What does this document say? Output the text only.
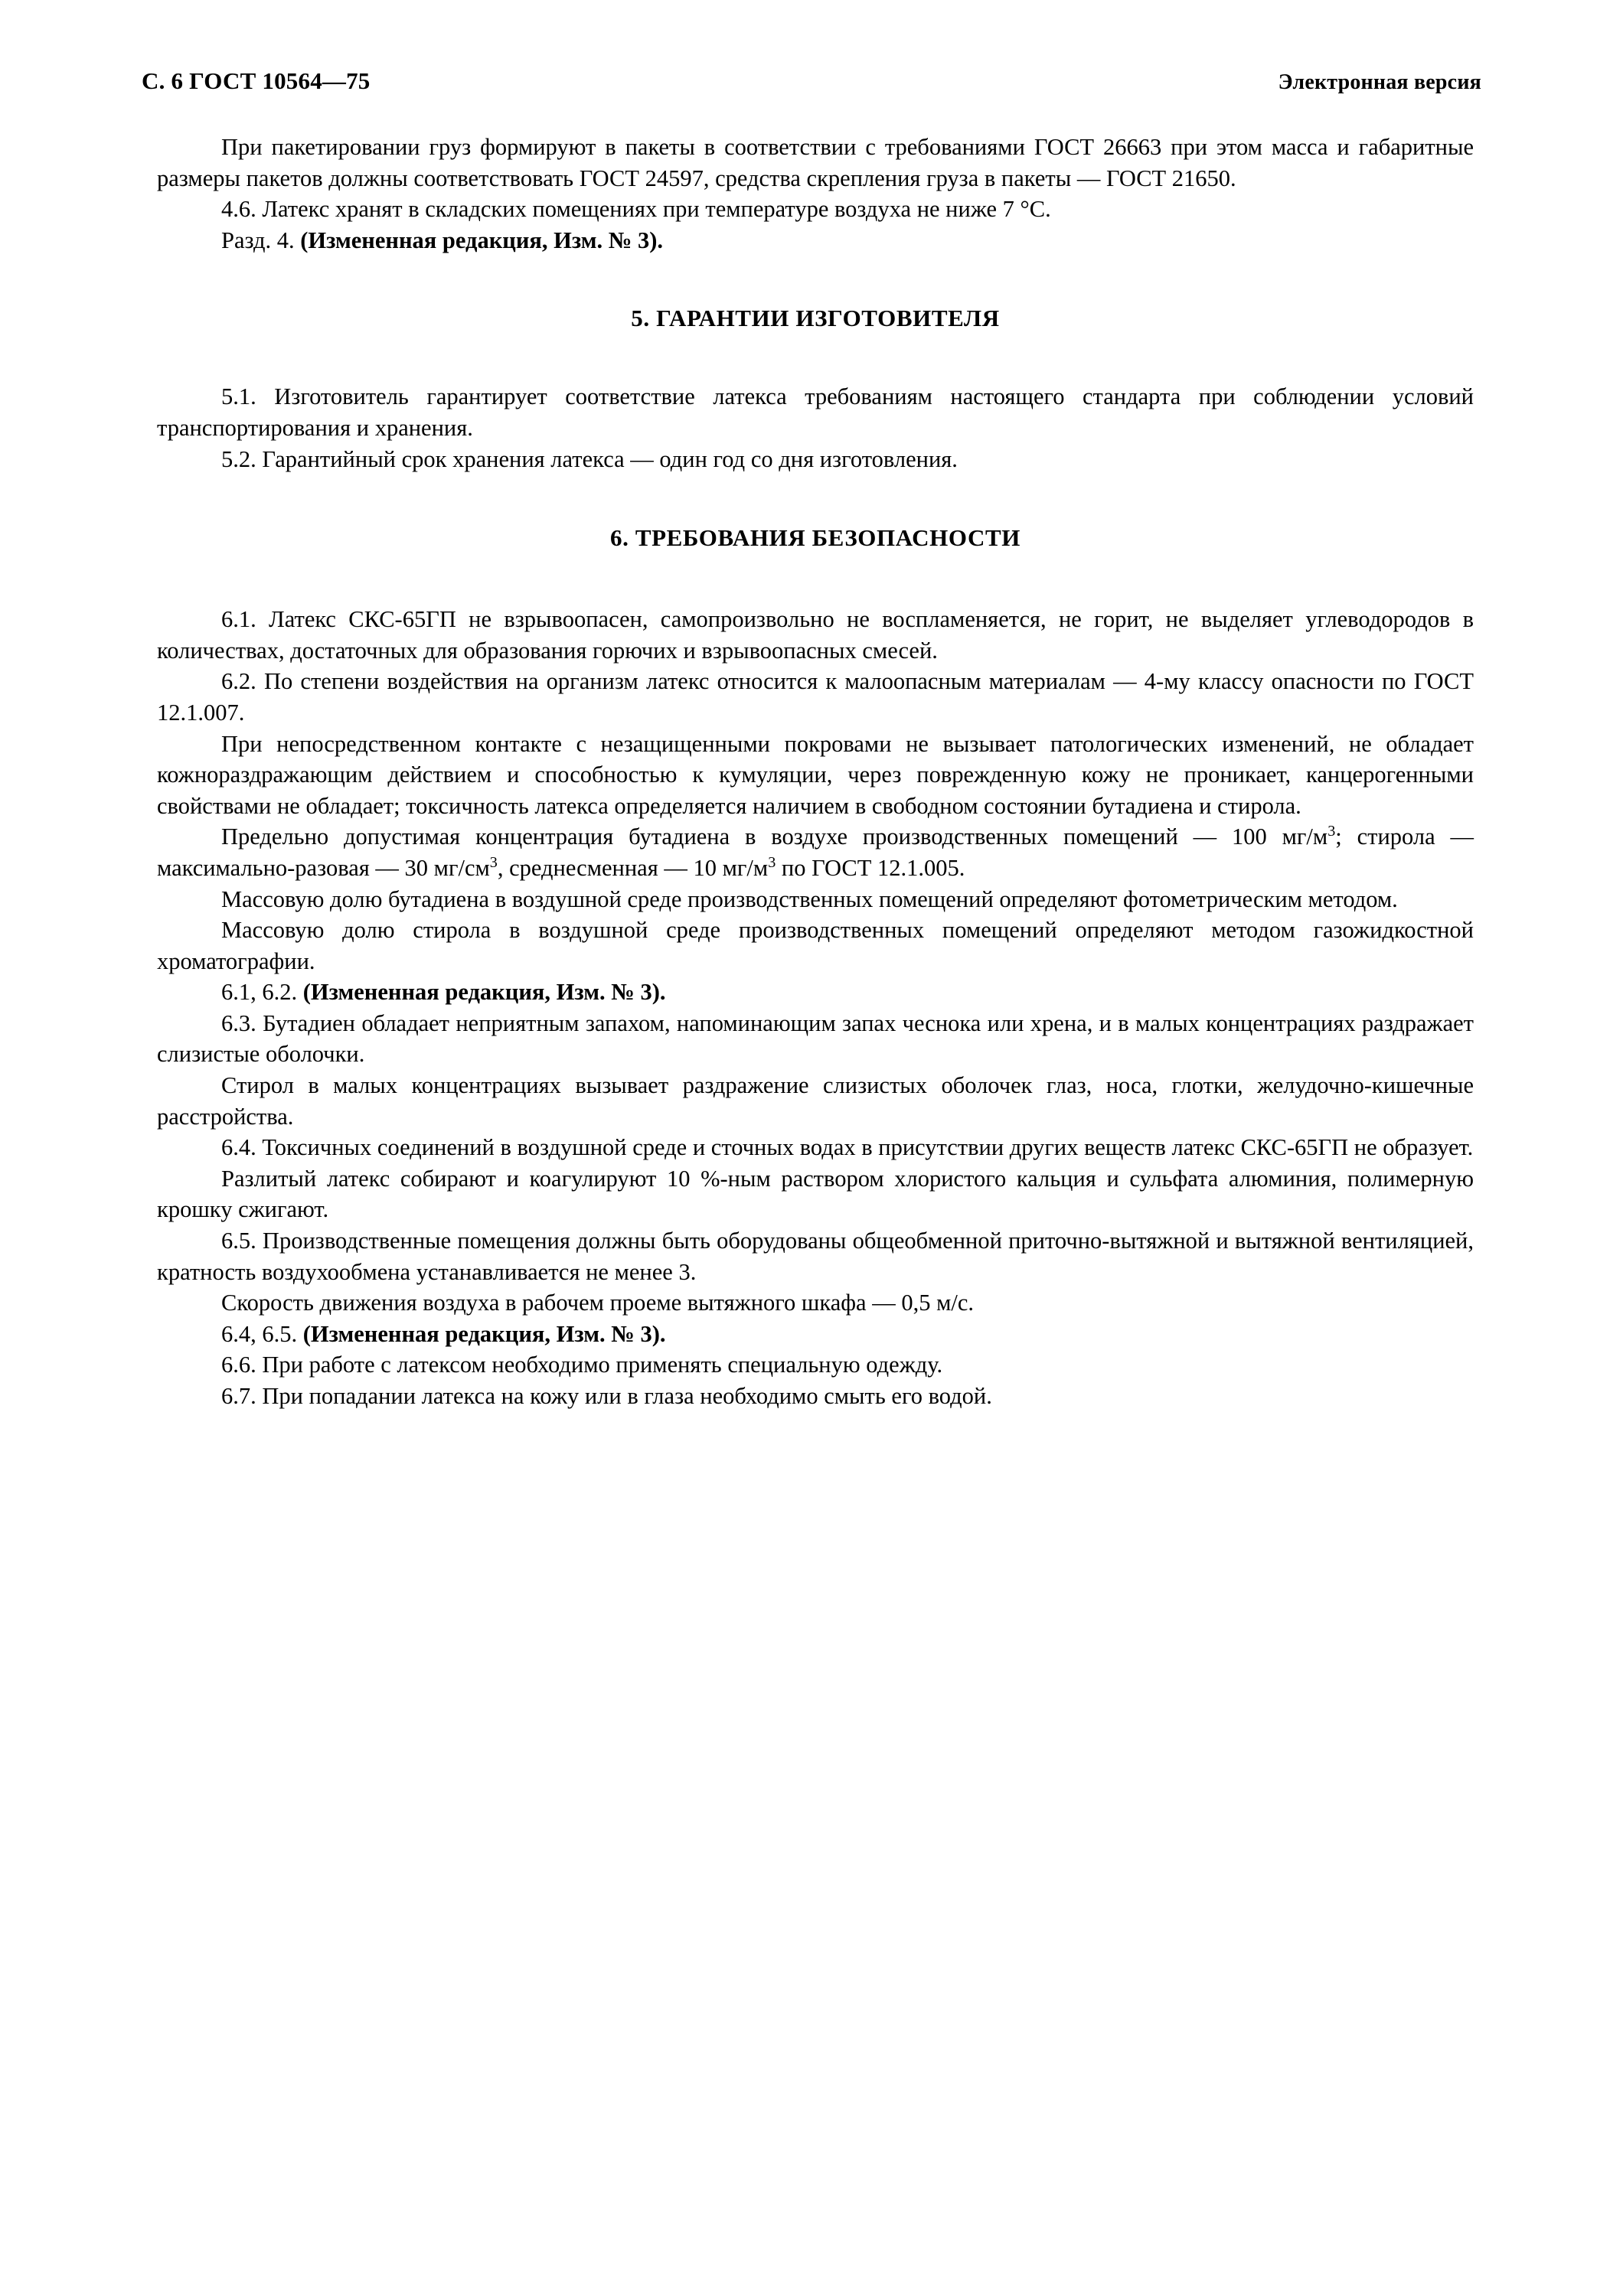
С. 6 ГОСТ 10564—75	Электронная версия

При пакетировании груз формируют в пакеты в соответствии с требованиями ГОСТ 26663 при этом масса и габаритные размеры пакетов должны соответствовать ГОСТ 24597, средства скрепления груза в пакеты — ГОСТ 21650.

4.6. Латекс хранят в складских помещениях при температуре воздуха не ниже 7 °С.

Разд. 4. (Измененная редакция, Изм. № 3).

5. ГАРАНТИИ ИЗГОТОВИТЕЛЯ

5.1. Изготовитель гарантирует соответствие латекса требованиям настоящего стандарта при соблюдении условий транспортирования и хранения.

5.2. Гарантийный срок хранения латекса — один год со дня изготовления.

6. ТРЕБОВАНИЯ БЕЗОПАСНОСТИ

6.1. Латекс СКС-65ГП не взрывоопасен, самопроизвольно не воспламеняется, не горит, не выделяет углеводородов в количествах, достаточных для образования горючих и взрывоопасных смесей.

6.2. По степени воздействия на организм латекс относится к малоопасным материалам — 4-му классу опасности по ГОСТ 12.1.007.

При непосредственном контакте с незащищенными покровами не вызывает патологических изменений, не обладает кожнораздражающим действием и способностью к кумуляции, через поврежденную кожу не проникает, канцерогенными свойствами не обладает; токсичность латекса определяется наличием в свободном состоянии бутадиена и стирола.

Предельно допустимая концентрация бутадиена в воздухе производственных помещений — 100 $мг/м^3$; стирола — максимально-разовая — 30 $мг/см^3$, среднесменная — 10 $мг/м^3$ по ГОСТ 12.1.005.

Массовую долю бутадиена в воздушной среде производственных помещений определяют фотометрическим методом.

Массовую долю стирола в воздушной среде производственных помещений определяют методом газожидкостной хроматографии.

6.1, 6.2. (Измененная редакция, Изм. № 3).

6.3. Бутадиен обладает неприятным запахом, напоминающим запах чеснока или хрена, и в малых концентрациях раздражает слизистые оболочки.

Стирол в малых концентрациях вызывает раздражение слизистых оболочек глаз, носа, глотки, желудочно-кишечные расстройства.

6.4. Токсичных соединений в воздушной среде и сточных водах в присутствии других веществ латекс СКС-65ГП не образует.

Разлитый латекс собирают и коагулируют 10 %-ным раствором хлористого кальция и сульфата алюминия, полимерную крошку сжигают.

6.5. Производственные помещения должны быть оборудованы общеобменной приточно-вытяжной и вытяжной вентиляцией, кратность воздухообмена устанавливается не менее 3.

Скорость движения воздуха в рабочем проеме вытяжного шкафа — 0,5 м/с.

6.4, 6.5. (Измененная редакция, Изм. № 3).

6.6. При работе с латексом необходимо применять специальную одежду.

6.7. При попадании латекса на кожу или в глаза необходимо смыть его водой.
